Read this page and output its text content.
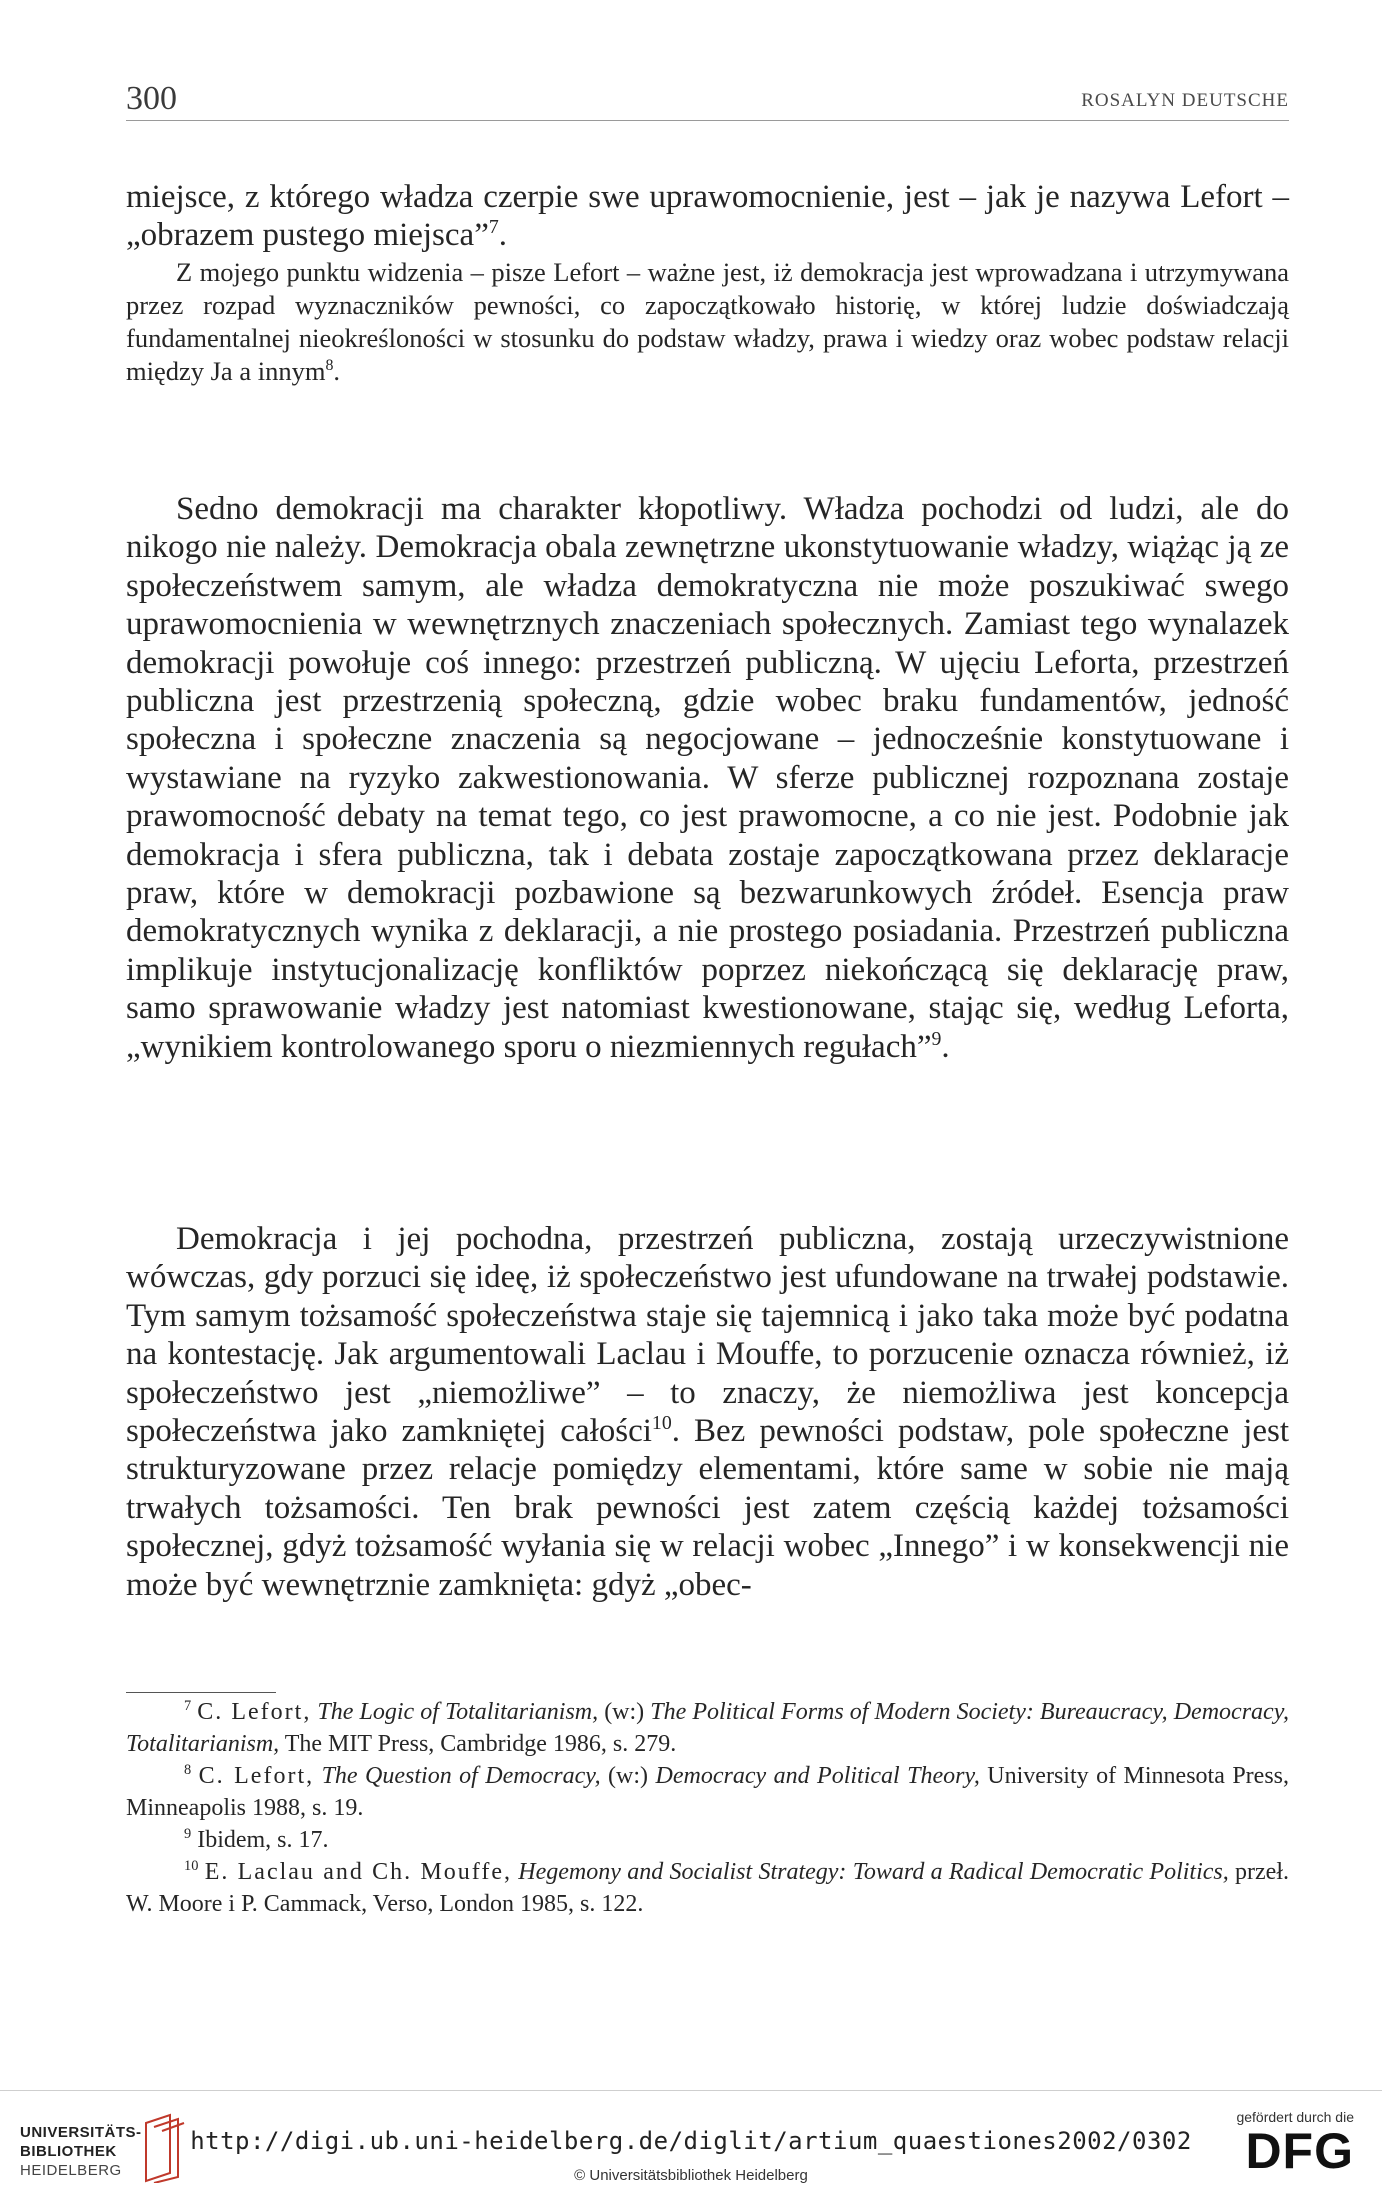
300	ROSALYN DEUTSCHE

miejsce, z którego władza czerpie swe uprawomocnienie, jest – jak je nazywa Lefort – „obrazem pustego miejsca”$^7$.

Z mojego punktu widzenia – pisze Lefort – ważne jest, iż demokracja jest wprowadzana i utrzymywana przez rozpad wyznaczników pewności, co zapoczątkowało historię, w której ludzie doświadczają fundamentalnej nieokreśloności w stosunku do podstaw władzy, prawa i wiedzy oraz wobec podstaw relacji między Ja a innym$^8$.

Sedno demokracji ma charakter kłopotliwy. Władza pochodzi od ludzi, ale do nikogo nie należy. Demokracja obala zewnętrzne ukonstytuowanie władzy, wiążąc ją ze społeczeństwem samym, ale władza demokratyczna nie może poszukiwać swego uprawomocnienia w wewnętrznych znaczeniach społecznych. Zamiast tego wynalazek demokracji powołuje coś innego: przestrzeń publiczną. W ujęciu Leforta, przestrzeń publiczna jest przestrzenią społeczną, gdzie wobec braku fundamentów, jedność społeczna i społeczne znaczenia są negocjowane – jednocześnie konstytuowane i wystawiane na ryzyko zakwestionowania. W sferze publicznej rozpoznana zostaje prawomocność debaty na temat tego, co jest prawomocne, a co nie jest. Podobnie jak demokracja i sfera publiczna, tak i debata zostaje zapoczątkowana przez deklaracje praw, które w demokracji pozbawione są bezwarunkowych źródeł. Esencja praw demokratycznych wynika z deklaracji, a nie prostego posiadania. Przestrzeń publiczna implikuje instytucjonalizację konfliktów poprzez niekończącą się deklarację praw, samo sprawowanie władzy jest natomiast kwestionowane, stając się, według Leforta, „wynikiem kontrolowanego sporu o niezmiennych regułach”$^9$.

Demokracja i jej pochodna, przestrzeń publiczna, zostają urzeczywistnione wówczas, gdy porzuci się ideę, iż społeczeństwo jest ufundowane na trwałej podstawie. Tym samym tożsamość społeczeństwa staje się tajemnicą i jako taka może być podatna na kontestację. Jak argumentowali Laclau i Mouffe, to porzucenie oznacza również, iż społeczeństwo jest „niemożliwe” – to znaczy, że niemożliwa jest koncepcja społeczeństwa jako zamkniętej całości$^{10}$. Bez pewności podstaw, pole społeczne jest strukturyzowane przez relacje pomiędzy elementami, które same w sobie nie mają trwałych tożsamości. Ten brak pewności jest zatem częścią każdej tożsamości społecznej, gdyż tożsamość wyłania się w relacji wobec „Innego” i w konsekwencji nie może być wewnętrznie zamknięta: gdyż „obec-

$^7$ C. Lefort, The Logic of Totalitarianism, (w:) The Political Forms of Modern Society: Bureaucracy, Democracy, Totalitarianism, The MIT Press, Cambridge 1986, s. 279.

$^8$ C. Lefort, The Question of Democracy, (w:) Democracy and Political Theory, University of Minnesota Press, Minneapolis 1988, s. 19.

$^9$ Ibidem, s. 17.

$^{10}$ E. Laclau and Ch. Mouffe, Hegemony and Socialist Strategy: Toward a Radical Democratic Politics, przeł. W. Moore i P. Cammack, Verso, London 1985, s. 122.

UNIVERSITÄTS-
BIBLIOTHEK
HEIDELBERG
http://digi.ub.uni-heidelberg.de/diglit/artium_quaestiones2002/0302
© Universitätsbibliothek Heidelberg
gefördert durch die
DFG
